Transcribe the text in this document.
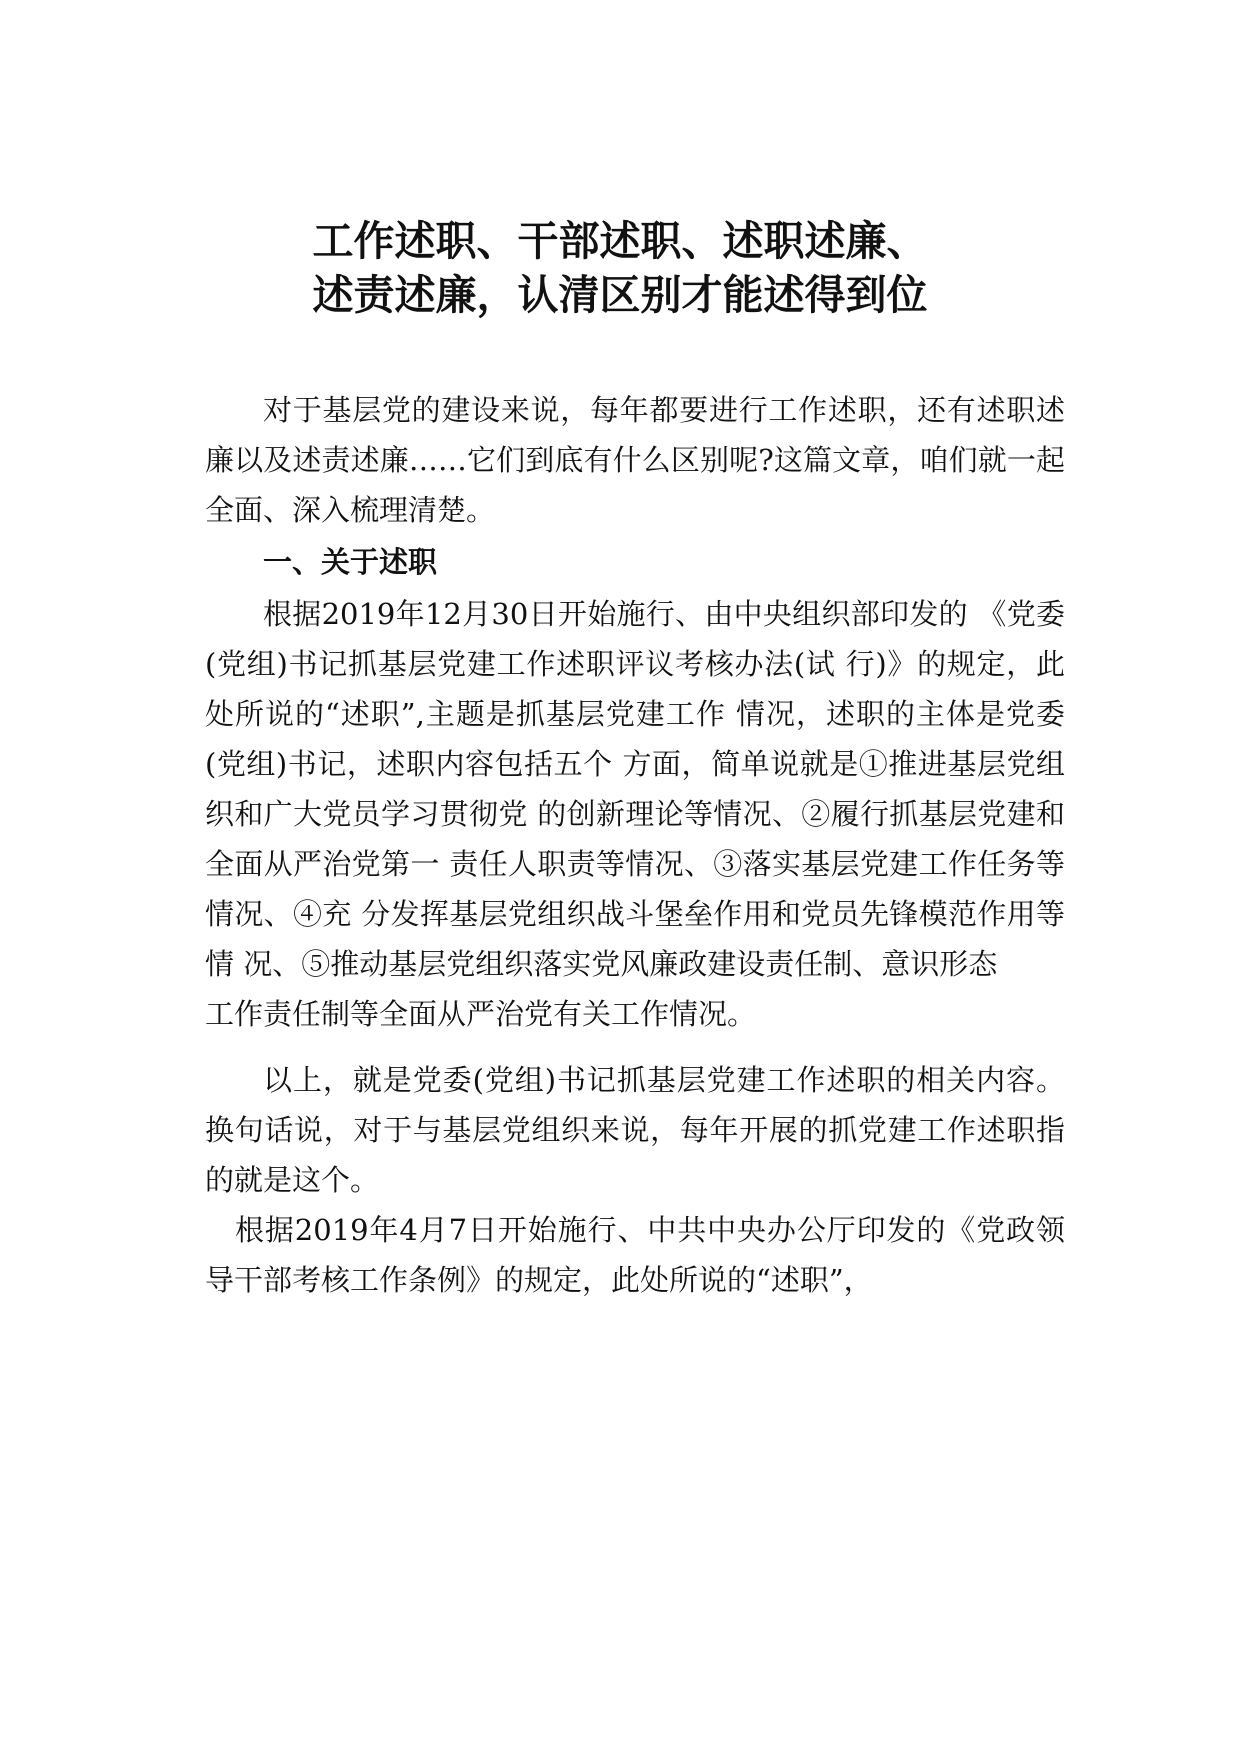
工作述职、干部述职、述职述廉、
述责述廉，认清区别才能述得到位

对于基层党的建设来说，每年都要进行工作述职，还有述职述廉以及述责述廉……它们到底有什么区别呢?这篇文章，咱们就一起全面、深入梳理清楚。

一、关于述职

根据2019年12月30日开始施行、由中央组织部印发的 《党委(党组)书记抓基层党建工作述职评议考核办法(试 行)》的规定，此处所说的“述职”,主题是抓基层党建工作 情况，述职的主体是党委(党组)书记，述职内容包括五个 方面，简单说就是①推进基层党组织和广大党员学习贯彻党 的创新理论等情况、②履行抓基层党建和全面从严治党第一 责任人职责等情况、③落实基层党建工作任务等情况、④充 分发挥基层党组织战斗堡垒作用和党员先锋模范作用等情 况、⑤推动基层党组织落实党风廉政建设责任制、意识形态
工作责任制等全面从严治党有关工作情况。

以上，就是党委(党组)书记抓基层党建工作述职的相关内容。换句话说，对于与基层党组织来说，每年开展的抓党建工作述职指的就是这个。

根据2019年4月7日开始施行、中共中央办公厅印发的《党政领导干部考核工作条例》的规定，此处所说的“述职”，
